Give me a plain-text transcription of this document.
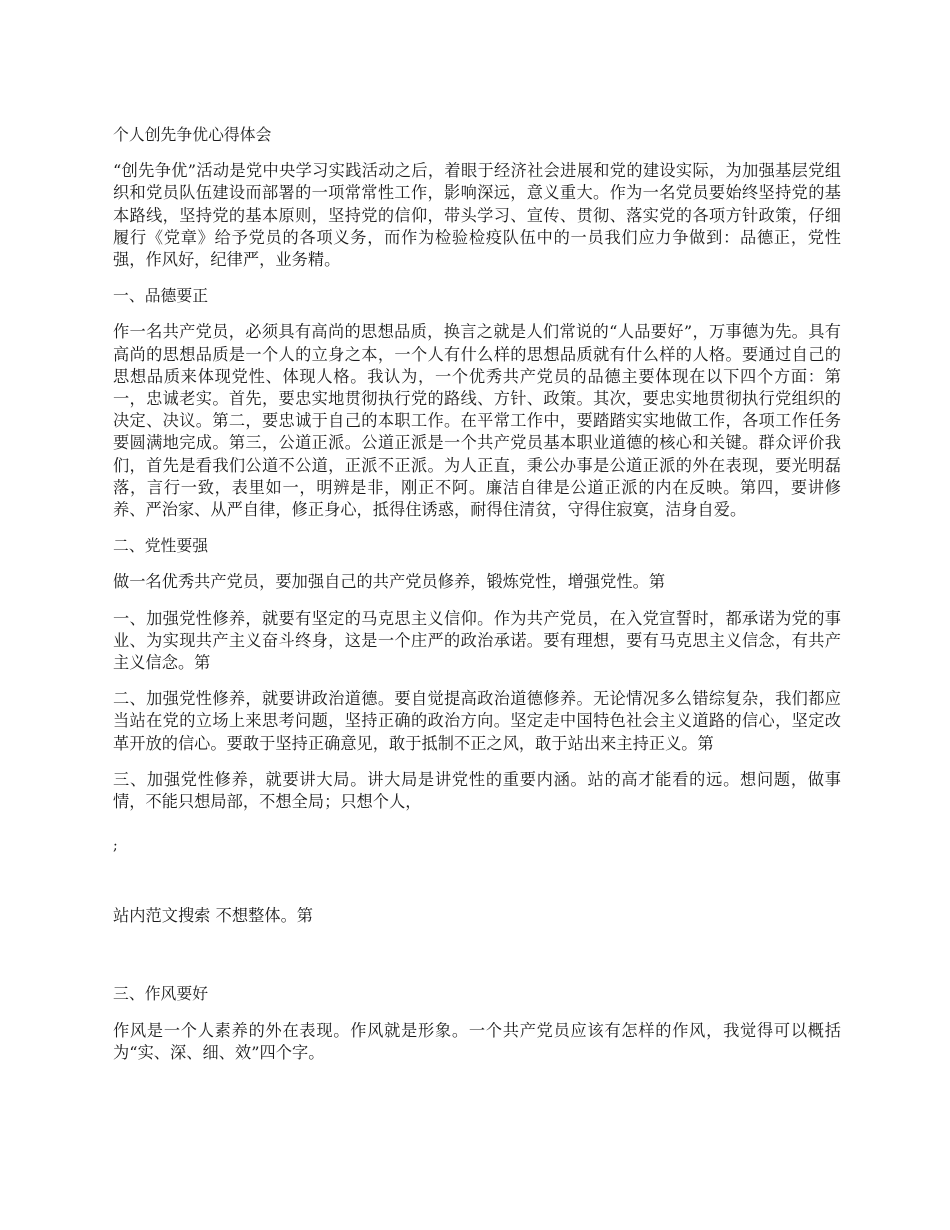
个人创先争优心得体会

“创先争优”活动是党中央学习实践活动之后，着眼于经济社会进展和党的建设实际，为加强基层党组织和党员队伍建设而部署的一项常常性工作，影响深远，意义重大。作为一名党员要始终坚持党的基本路线，坚持党的基本原则，坚持党的信仰，带头学习、宣传、贯彻、落实党的各项方针政策，仔细履行《党章》给予党员的各项义务，而作为检验检疫队伍中的一员我们应力争做到：品德正，党性强，作风好，纪律严，业务精。

一、品德要正

作一名共产党员，必须具有高尚的思想品质，换言之就是人们常说的“人品要好”，万事德为先。具有高尚的思想品质是一个人的立身之本，一个人有什么样的思想品质就有什么样的人格。要通过自己的思想品质来体现党性、体现人格。我认为，一个优秀共产党员的品德主要体现在以下四个方面：第一，忠诚老实。首先，要忠实地贯彻执行党的路线、方针、政策。其次，要忠实地贯彻执行党组织的决定、决议。第二，要忠诚于自己的本职工作。在平常工作中，要踏踏实实地做工作，各项工作任务要圆满地完成。第三，公道正派。公道正派是一个共产党员基本职业道德的核心和关键。群众评价我们，首先是看我们公道不公道，正派不正派。为人正直，秉公办事是公道正派的外在表现，要光明磊落，言行一致，表里如一，明辨是非，刚正不阿。廉洁自律是公道正派的内在反映。第四，要讲修养、严治家、从严自律，修正身心，抵得住诱惑，耐得住清贫，守得住寂寞，洁身自爱。

二、党性要强

做一名优秀共产党员，要加强自己的共产党员修养，锻炼党性，增强党性。第

一、加强党性修养，就要有坚定的马克思主义信仰。作为共产党员，在入党宣誓时，都承诺为党的事业、为实现共产主义奋斗终身，这是一个庄严的政治承诺。要有理想，要有马克思主义信念，有共产主义信念。第

二、加强党性修养，就要讲政治道德。要自觉提高政治道德修养。无论情况多么错综复杂，我们都应当站在党的立场上来思考问题，坚持正确的政治方向。坚定走中国特色社会主义道路的信心，坚定改革开放的信心。要敢于坚持正确意见，敢于抵制不正之风，敢于站出来主持正义。第

三、加强党性修养，就要讲大局。讲大局是讲党性的重要内涵。站的高才能看的远。想问题，做事情，不能只想局部，不想全局；只想个人，

;

站内范文搜索 不想整体。第

三、作风要好

作风是一个人素养的外在表现。作风就是形象。一个共产党员应该有怎样的作风，我觉得可以概括为“实、深、细、效”四个字。
